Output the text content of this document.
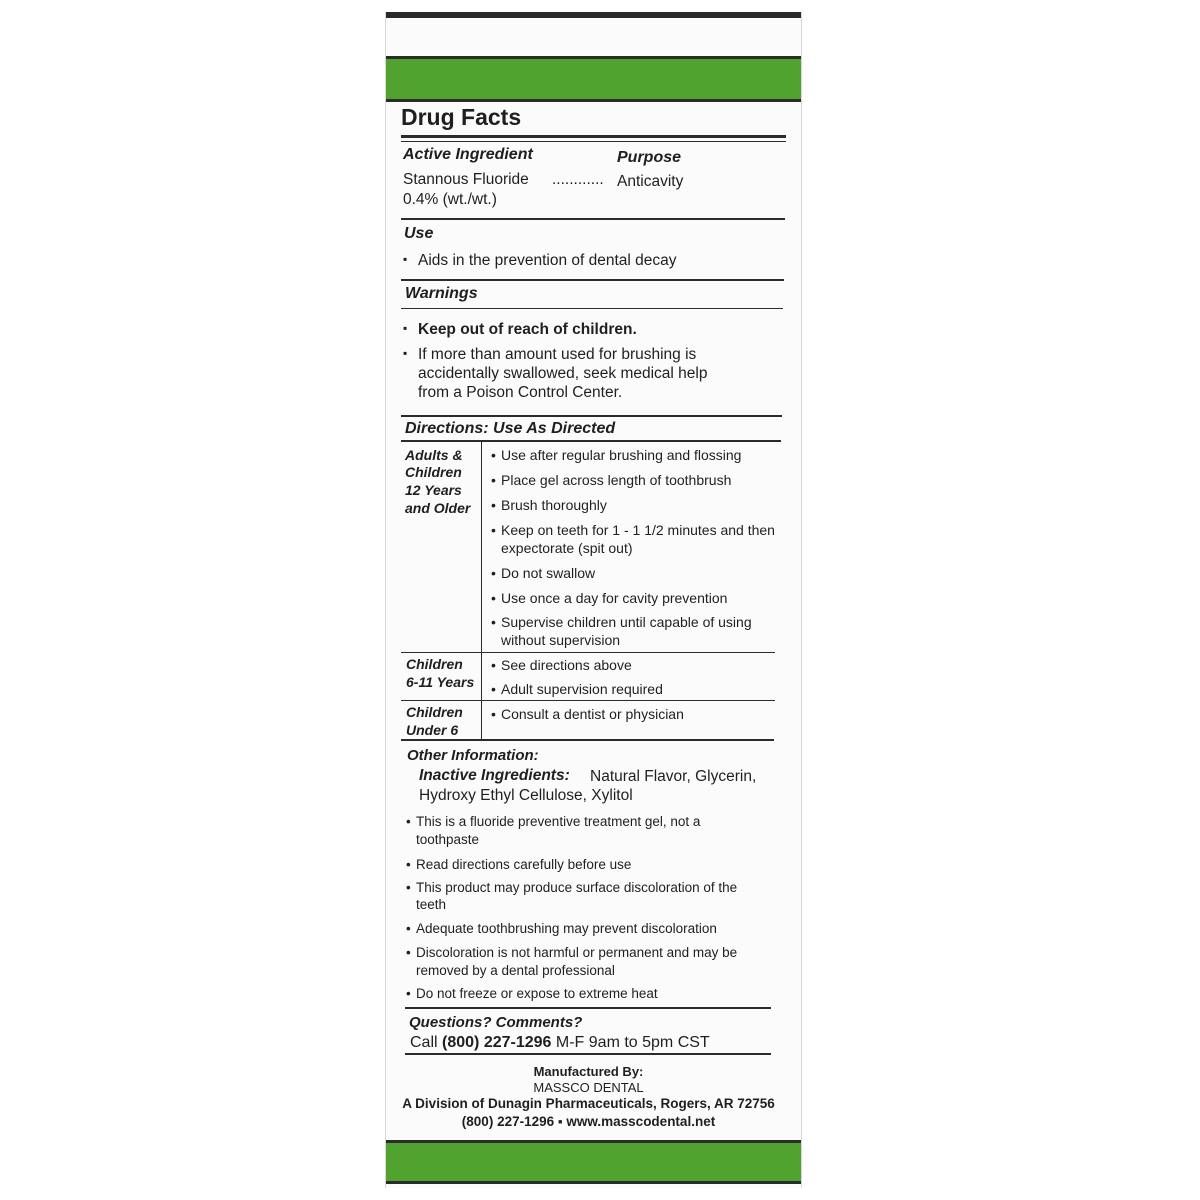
Drug Facts
Active Ingredient	Purpose
Stannous Fluoride ............ Anticavity
0.4% (wt./wt.)
Use
▪ Aids in the prevention of dental decay
Warnings
▪ Keep out of reach of children.
▪ If more than amount used for brushing is
accidentally swallowed, seek medical help
from a Poison Control Center.
Directions: Use As Directed
Adults &
Children
12 Years
and Older
• Use after regular brushing and flossing
• Place gel across length of toothbrush
• Brush thoroughly
• Keep on teeth for 1 - 1 1/2 minutes and then
expectorate (spit out)
• Do not swallow
• Use once a day for cavity prevention
• Supervise children until capable of using
without supervision
Children
6-11 Years
• See directions above
• Adult supervision required
Children
Under 6
• Consult a dentist or physician
Other Information:
Inactive Ingredients: Natural Flavor, Glycerin,
Hydroxy Ethyl Cellulose, Xylitol
• This is a fluoride preventive treatment gel, not a
toothpaste
• Read directions carefully before use
• This product may produce surface discoloration of the
teeth
• Adequate toothbrushing may prevent discoloration
• Discoloration is not harmful or permanent and may be
removed by a dental professional
• Do not freeze or expose to extreme heat
Questions? Comments?
Call (800) 227-1296 M-F 9am to 5pm CST
Manufactured By:
MASSCO DENTAL
A Division of Dunagin Pharmaceuticals, Rogers, AR 72756
(800) 227-1296 ▪ www.masscodental.net
